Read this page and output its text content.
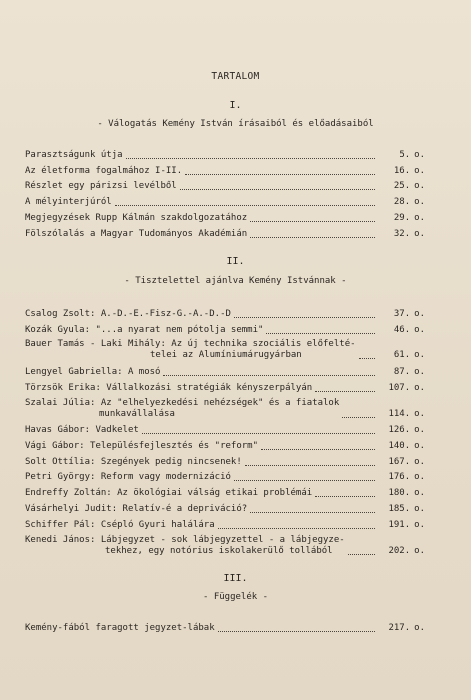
TARTALOM
I.
- Válogatás Kemény István írásaiból és előadásaiból
Parasztságunk útja	5. o.
Az életforma fogalmához I-II.	16. o.
Részlet egy párizsi levélből	25. o.
A mélyinterjúról	28. o.
Megjegyzések Rupp Kálmán szakdolgozatához	29. o.
Fölszólalás a Magyar Tudományos Akadémián	32. o.
II.
- Tisztelettel ajánlva Kemény Istvánnak -
Csalog Zsolt: A.-D.-E.-Fisz-G.-A.-D.-D	37. o.
Kozák Gyula: "...a nyarat nem pótolja semmi"	46. o.
Bauer Tamás - Laki Mihály: Az új technika szociális előfelté-
telei az Alumíniumárugyárban	61. o.
Lengyel Gabriella: A mosó	87. o.
Törzsök Erika: Vállalkozási stratégiák kényszerpályán	107. o.
Szalai Júlia: Az "elhelyezkedési nehézségek" és a fiatalok
munkavállalása	114. o.
Havas Gábor: Vadkelet	126. o.
Vági Gábor: Településfejlesztés és "reform"	140. o.
Solt Ottília: Szegények pedig nincsenek!	167. o.
Petri György: Reform vagy modernizáció	176. o.
Endreffy Zoltán: Az ökológiai válság etikai problémái	180. o.
Vásárhelyi Judit: Relatív-é a depriváció?	185. o.
Schiffer Pál: Csépló Gyuri halálára	191. o.
Kenedi János: Lábjegyzet - sok lábjegyzettel - a lábjegyze-
tekhez, egy notórius iskolakerülő tollából	202. o.
III.
- Függelék -
Kemény-fából faragott jegyzet-lábak	217. o.
